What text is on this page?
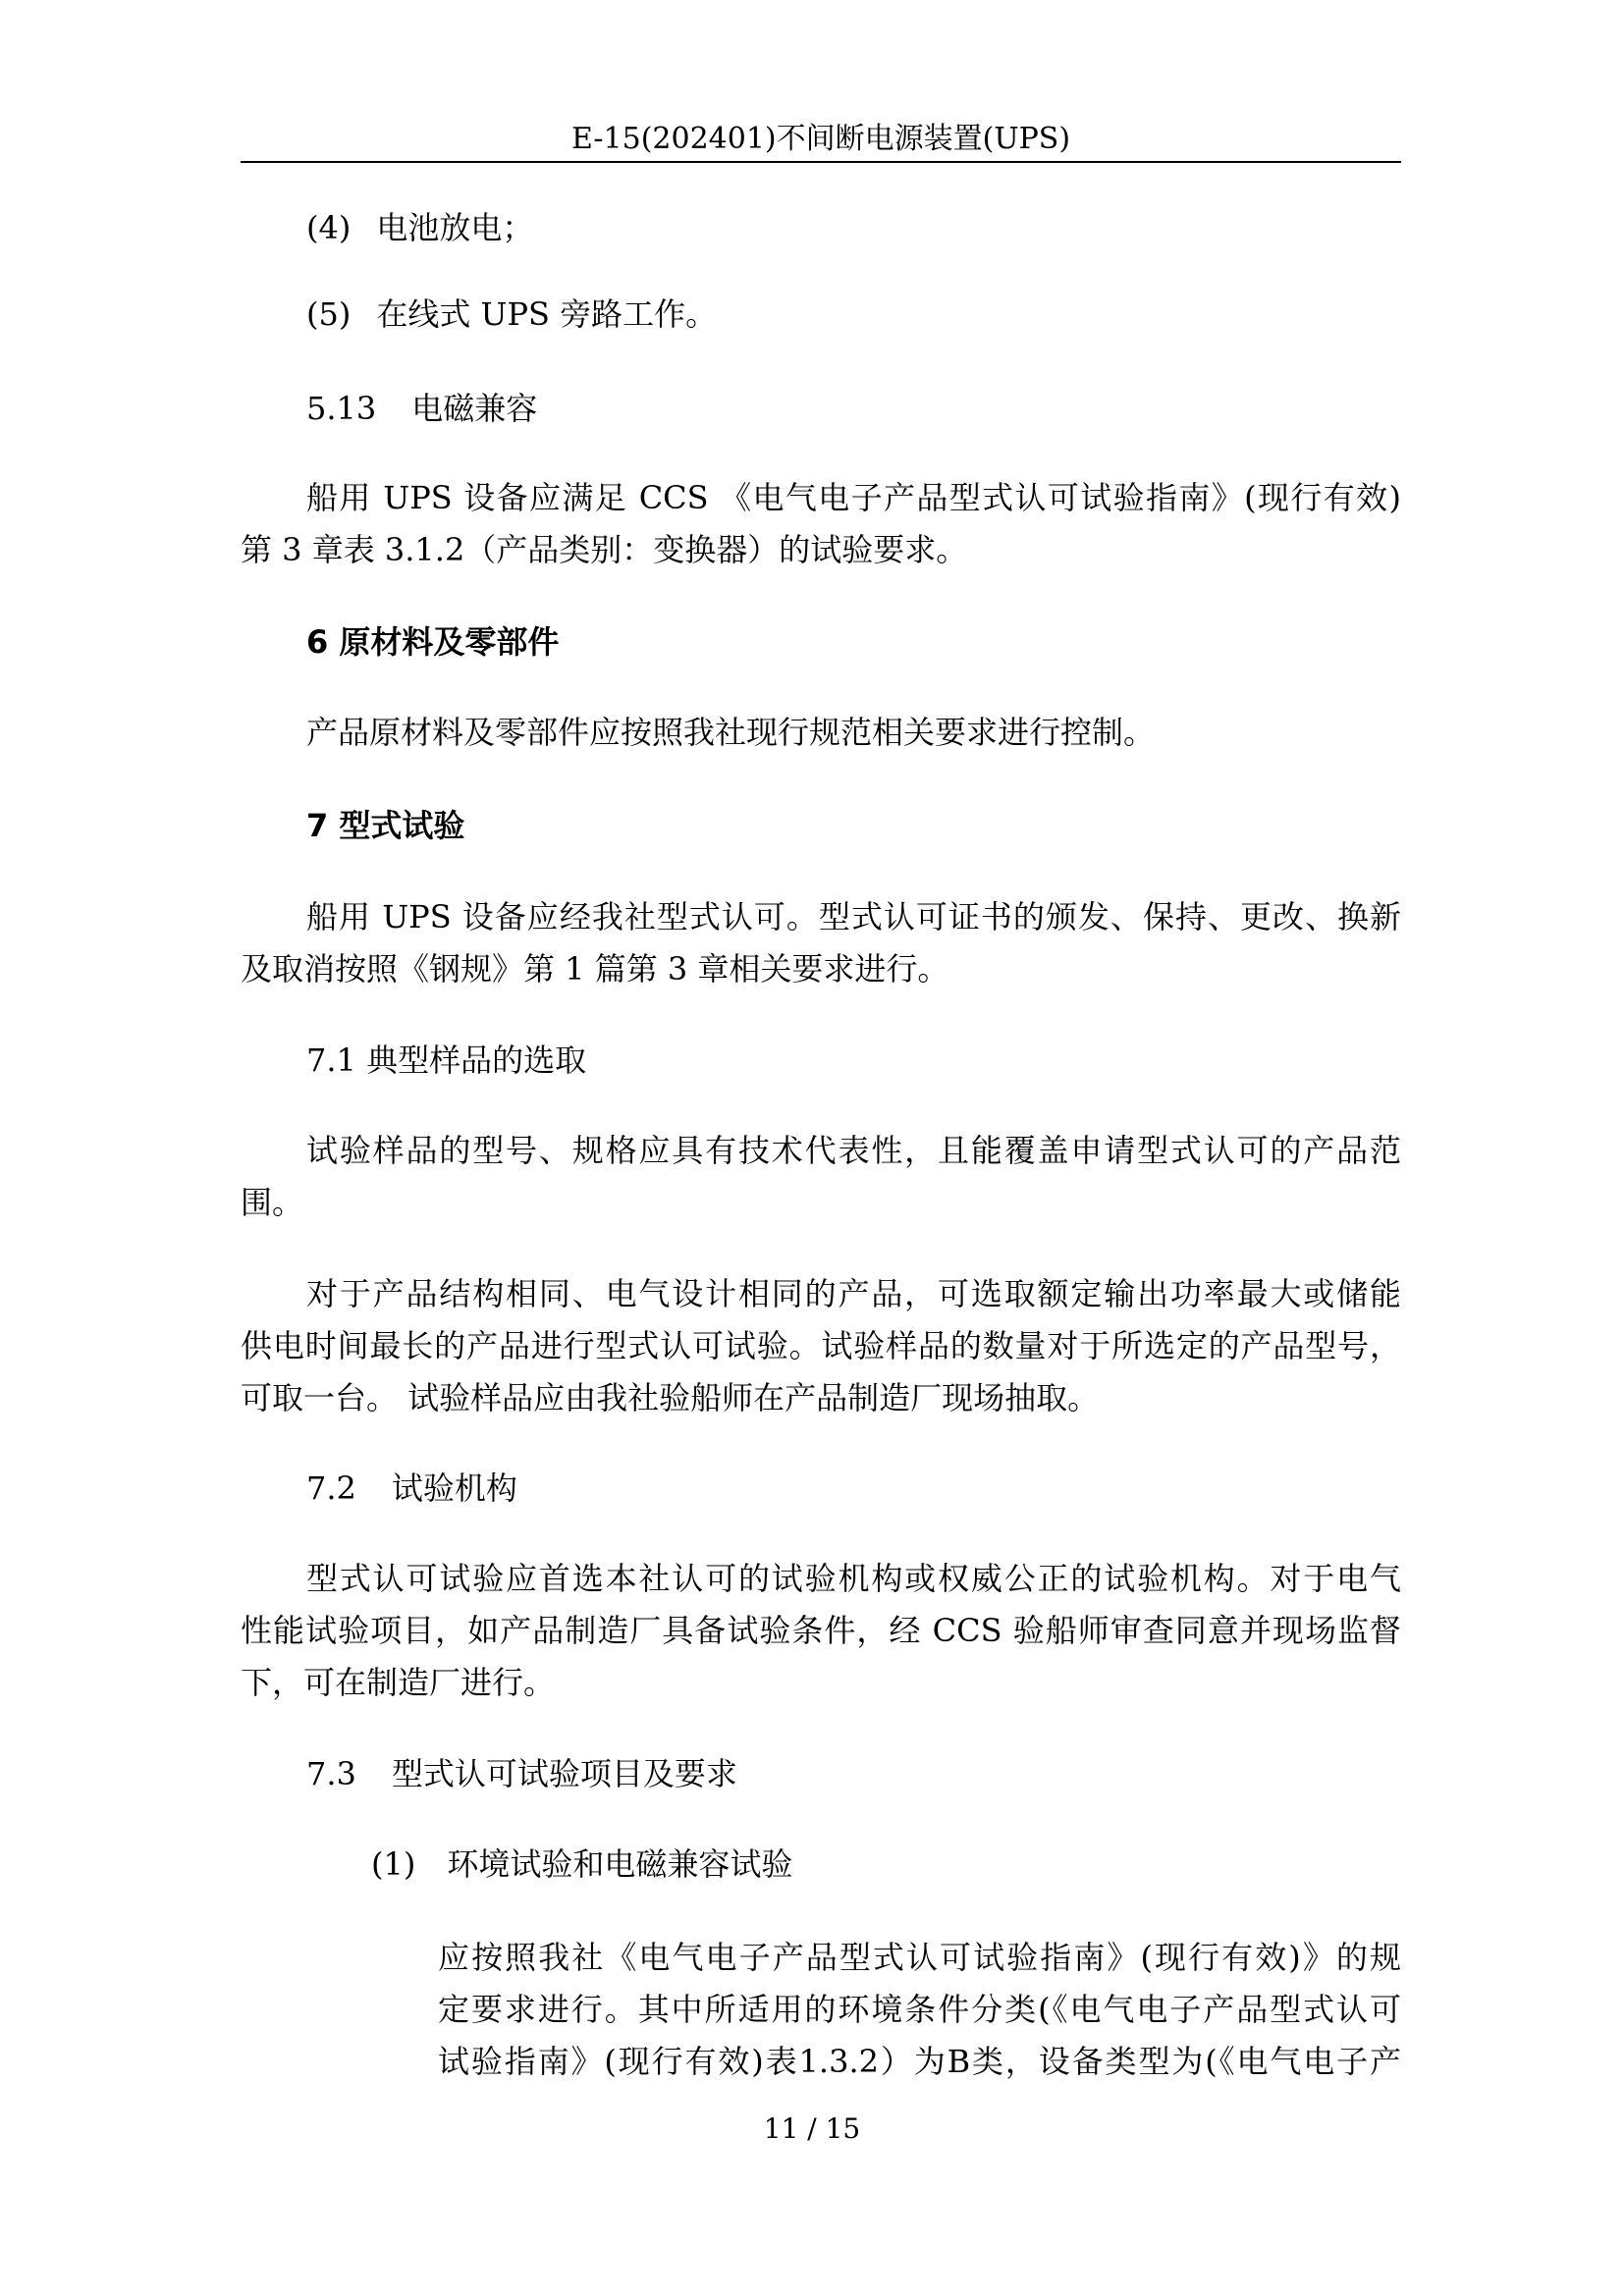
E-15(202401)不间断电源装置(UPS)
(4) 电池放电；
(5) 在线式 UPS 旁路工作。
5.13 电磁兼容
船用 UPS 设备应满足 CCS 《电气电子产品型式认可试验指南》(现行有效)
第 3 章表 3.1.2（产品类别：变换器）的试验要求。
6 原材料及零部件
产品原材料及零部件应按照我社现行规范相关要求进行控制。
7 型式试验
船用 UPS 设备应经我社型式认可。型式认可证书的颁发、保持、更改、换新
及取消按照《钢规》第 1 篇第 3 章相关要求进行。
7.1 典型样品的选取
试验样品的型号、规格应具有技术代表性，且能覆盖申请型式认可的产品范
围。
对于产品结构相同、电气设计相同的产品，可选取额定输出功率最大或储能
供电时间最长的产品进行型式认可试验。试验样品的数量对于所选定的产品型号，
可取一台。 试验样品应由我社验船师在产品制造厂现场抽取。
7.2 试验机构
型式认可试验应首选本社认可的试验机构或权威公正的试验机构。对于电气
性能试验项目，如产品制造厂具备试验条件，经 CCS 验船师审查同意并现场监督
下，可在制造厂进行。
7.3 型式认可试验项目及要求
(1) 环境试验和电磁兼容试验
应按照我社《电气电子产品型式认可试验指南》(现行有效)》的规
定要求进行。其中所适用的环境条件分类(《电气电子产品型式认可
试验指南》(现行有效)表1.3.2）为B类，设备类型为(《电气电子产
11 / 15
